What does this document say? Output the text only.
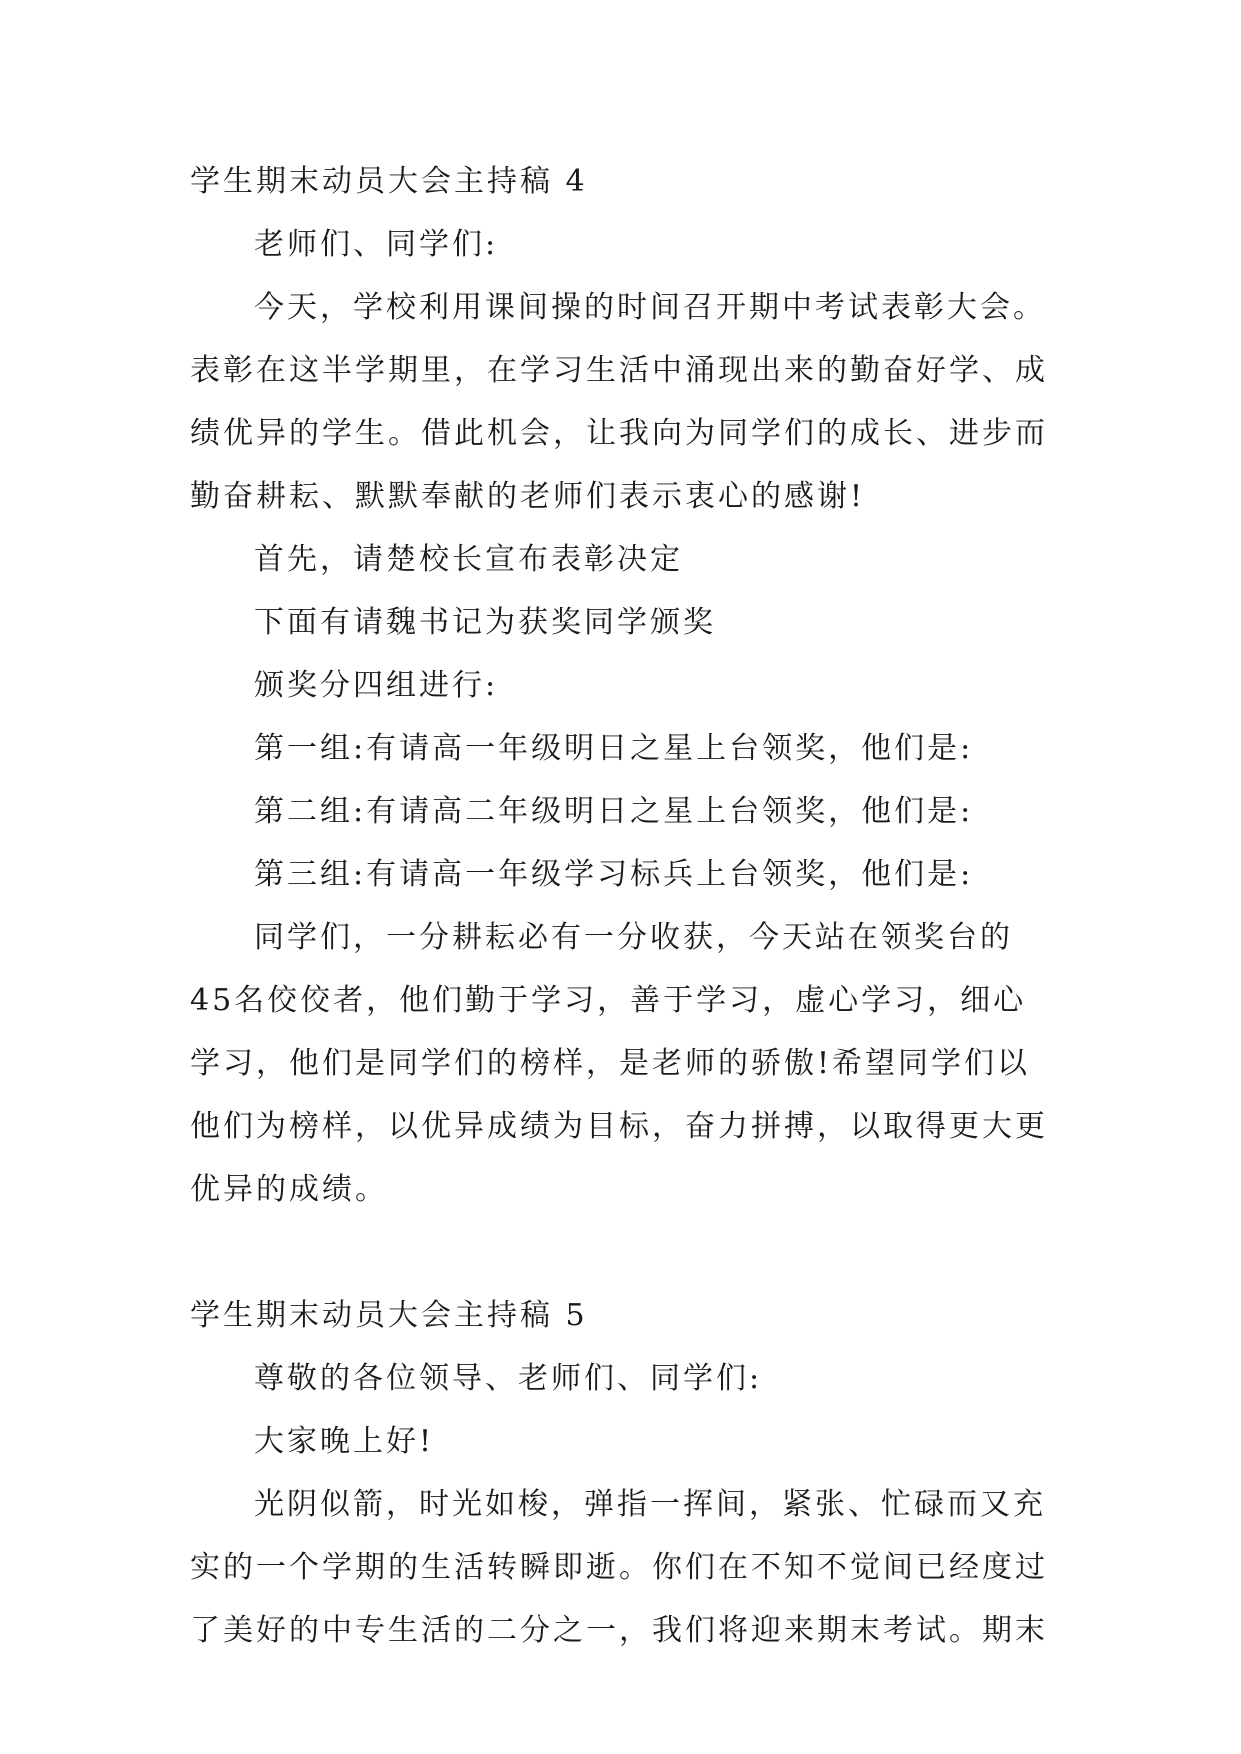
学生期末动员大会主持稿 4

老师们、同学们:

今天，学校利用课间操的时间召开期中考试表彰大会。表彰在这半学期里，在学习生活中涌现出来的勤奋好学、成绩优异的学生。借此机会，让我向为同学们的成长、进步而勤奋耕耘、默默奉献的老师们表示衷心的感谢!

首先，请楚校长宣布表彰决定

下面有请魏书记为获奖同学颁奖

颁奖分四组进行:

第一组:有请高一年级明日之星上台领奖，他们是:

第二组:有请高二年级明日之星上台领奖，他们是:

第三组:有请高一年级学习标兵上台领奖，他们是:

同学们，一分耕耘必有一分收获，今天站在领奖台的45名佼佼者，他们勤于学习，善于学习，虚心学习，细心学习，他们是同学们的榜样，是老师的骄傲!希望同学们以他们为榜样，以优异成绩为目标，奋力拼搏，以取得更大更优异的成绩。

学生期末动员大会主持稿 5

尊敬的各位领导、老师们、同学们:

大家晚上好!

光阴似箭，时光如梭，弹指一挥间，紧张、忙碌而又充实的一个学期的生活转瞬即逝。你们在不知不觉间已经度过了美好的中专生活的二分之一，我们将迎来期末考试。期末
